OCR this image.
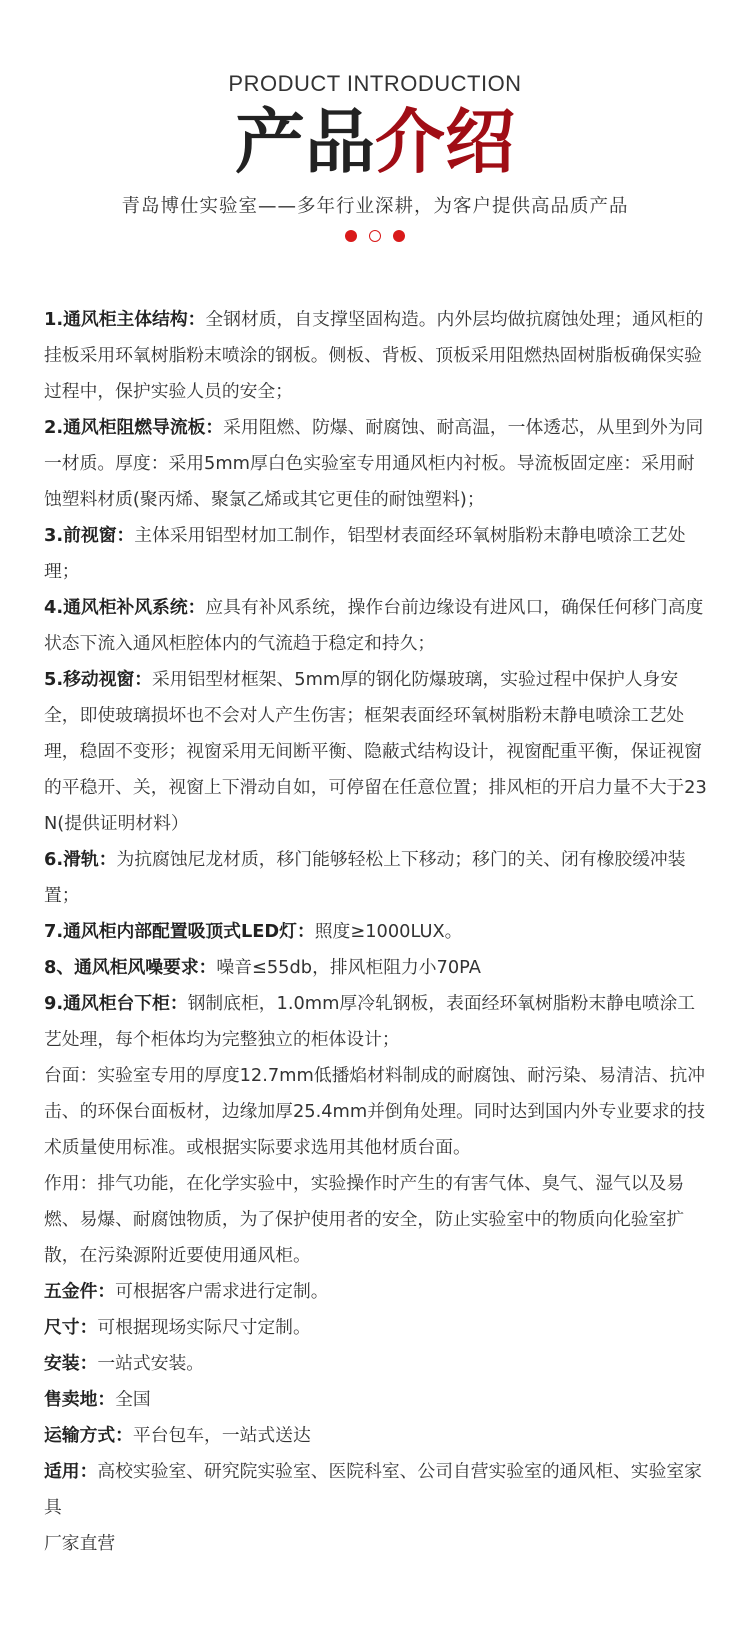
PRODUCT INTRODUCTION
产品介绍
青岛博仕实验室——多年行业深耕，为客户提供高品质产品

1.通风柜主体结构：全钢材质，自支撑坚固构造。内外层均做抗腐蚀处理；通风柜的挂板采用环氧树脂粉末喷涂的钢板。侧板、背板、顶板采用阻燃热固树脂板确保实验过程中，保护实验人员的安全；

2.通风柜阻燃导流板：采用阻燃、防爆、耐腐蚀、耐高温，一体透芯，从里到外为同一材质。厚度：采用5mm厚白色实验室专用通风柜内衬板。导流板固定座：采用耐蚀塑料材质(聚丙烯、聚氯乙烯或其它更佳的耐蚀塑料)；

3.前视窗：主体采用铝型材加工制作，铝型材表面经环氧树脂粉末静电喷涂工艺处理；

4.通风柜补风系统：应具有补风系统，操作台前边缘设有进风口，确保任何移门高度状态下流入通风柜腔体内的气流趋于稳定和持久；

5.移动视窗：采用铝型材框架、5mm厚的钢化防爆玻璃，实验过程中保护人身安全，即使玻璃损坏也不会对人产生伤害；框架表面经环氧树脂粉末静电喷涂工艺处理，稳固不变形；视窗采用无间断平衡、隐蔽式结构设计，视窗配重平衡，保证视窗的平稳开、关，视窗上下滑动自如，可停留在任意位置；排风柜的开启力量不大于23N(提供证明材料）

6.滑轨：为抗腐蚀尼龙材质，移门能够轻松上下移动；移门的关、闭有橡胶缓冲装置；

7.通风柜内部配置吸顶式LED灯：照度≥1000LUX。

8、通风柜风噪要求：噪音≤55db，排风柜阻力小70PA

9.通风柜台下柜：钢制底柜，1.0mm厚冷轧钢板，表面经环氧树脂粉末静电喷涂工艺处理，每个柜体均为完整独立的柜体设计；

台面：实验室专用的厚度12.7mm低播焰材料制成的耐腐蚀、耐污染、易清洁、抗冲击、的环保台面板材，边缘加厚25.4mm并倒角处理。同时达到国内外专业要求的技术质量使用标准。或根据实际要求选用其他材质台面。

作用：排气功能，在化学实验中，实验操作时产生的有害气体、臭气、湿气以及易燃、易爆、耐腐蚀物质，为了保护使用者的安全，防止实验室中的物质向化验室扩散，在污染源附近要使用通风柜。

五金件：可根据客户需求进行定制。

尺寸：可根据现场实际尺寸定制。

安装：一站式安装。

售卖地：全国

运输方式：平台包车，一站式送达

适用：高校实验室、研究院实验室、医院科室、公司自营实验室的通风柜、实验室家具

厂家直营
